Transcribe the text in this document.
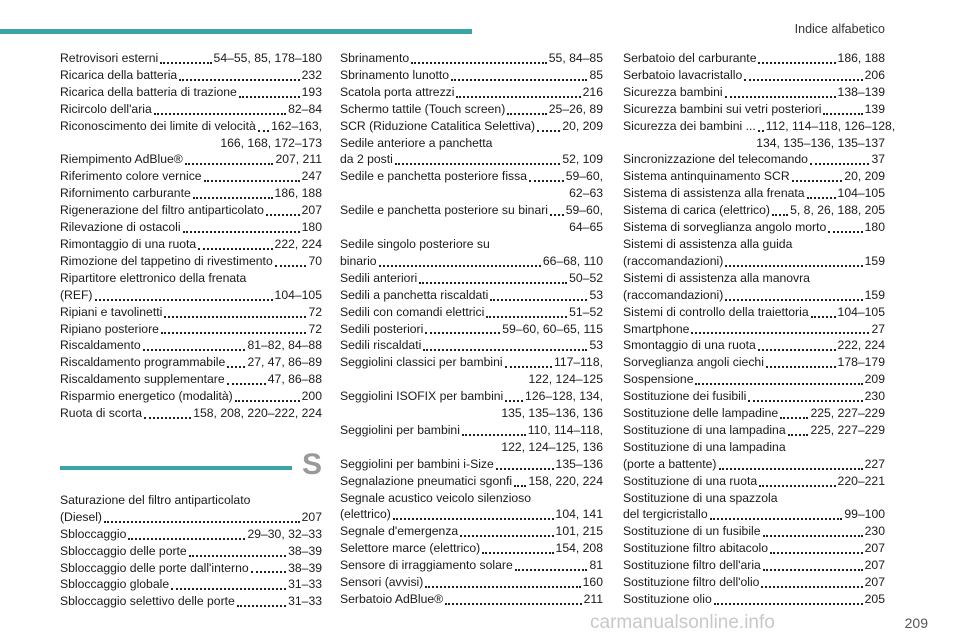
Indice alfabetico
Retrovisori esterni	54–55, 85, 178–180
Ricarica della batteria	232
Ricarica della batteria di trazione	193
Ricircolo dell'aria	82–84
Riconoscimento dei limite di velocità 162–163,
166, 168, 172–173
Riempimento AdBlue®	207, 211
Riferimento colore vernice	247
Rifornimento carburante	186, 188
Rigenerazione del filtro antiparticolato	207
Rilevazione di ostacoli	180
Rimontaggio di una ruota	222, 224
Rimozione del tappetino di rivestimento	70
Ripartitore elettronico della frenata
(REF)	104–105
Ripiani e tavolinetti	72
Ripiano posteriore	72
Riscaldamento	81–82, 84–88
Riscaldamento programmabile 27, 47, 86–89
Riscaldamento supplementare	47, 86–88
Risparmio energetico (modalità)	200
Ruota di scorta	158, 208, 220–222, 224
S
Saturazione del filtro antiparticolato
(Diesel)	207
Sbloccaggio	29–30, 32–33
Sbloccaggio delle porte	38–39
Sbloccaggio delle porte dall'interno	38–39
Sbloccaggio globale	31–33
Sbloccaggio selettivo delle porte	31–33
Sbrinamento	55, 84–85
Sbrinamento lunotto	85
Scatola porta attrezzi	216
Schermo tattile (Touch screen)	25–26, 89
SCR (Riduzione Catalitica Selettiva) 20, 209
Sedile anteriore a panchetta
da 2 posti	52, 109
Sedile e panchetta posteriore fissa	59–60,
62–63
Sedile e panchetta posteriore su binari 59–60,
64–65
Sedile singolo posteriore su
binario	66–68, 110
Sedili anteriori	50–52
Sedili a panchetta riscaldati	53
Sedili con comandi elettrici	51–52
Sedili posteriori	59–60, 60–65, 115
Sedili riscaldati	53
Seggiolini classici per bambini	117–118,
122, 124–125
Seggiolini ISOFIX per bambini 126–128, 134,
135, 135–136, 136
Seggiolini per bambini	110, 114–118,
122, 124–125, 136
Seggiolini per bambini i-Size	135–136
Segnalazione pneumatici sgonfi 158, 220, 224
Segnale acustico veicolo silenzioso
(elettrico)	104, 141
Segnale d'emergenza	101, 215
Selettore marce (elettrico)	154, 208
Sensore di irraggiamento solare	81
Sensori (avvisi)	160
Serbatoio AdBlue®	211
Serbatoio del carburante	186, 188
Serbatoio lavacristallo	206
Sicurezza bambini	138–139
Sicurezza bambini sui vetri posteriori	139
Sicurezza dei bambini ... 112, 114–118, 126–128,
134, 135–136, 135–137
Sincronizzazione del telecomando	37
Sistema antinquinamento SCR	20, 209
Sistema di assistenza alla frenata	104–105
Sistema di carica (elettrico) 5, 8, 26, 188, 205
Sistema di sorveglianza angolo morto	180
Sistemi di assistenza alla guida
(raccomandazioni)	159
Sistemi di assistenza alla manovra
(raccomandazioni)	159
Sistemi di controllo della traiettoria 104–105
Smartphone	27
Smontaggio di una ruota	222, 224
Sorveglianza angoli ciechi	178–179
Sospensione	209
Sostituzione dei fusibili	230
Sostituzione delle lampadine	225, 227–229
Sostituzione di una lampadina 225, 227–229
Sostituzione di una lampadina
(porte a battente)	227
Sostituzione di una ruota	220–221
Sostituzione di una spazzola
del tergicristallo	99–100
Sostituzione di un fusibile	230
Sostituzione filtro abitacolo	207
Sostituzione filtro dell'aria	207
Sostituzione filtro dell'olio	207
Sostituzione olio	205
carmanualsonline.info	209
